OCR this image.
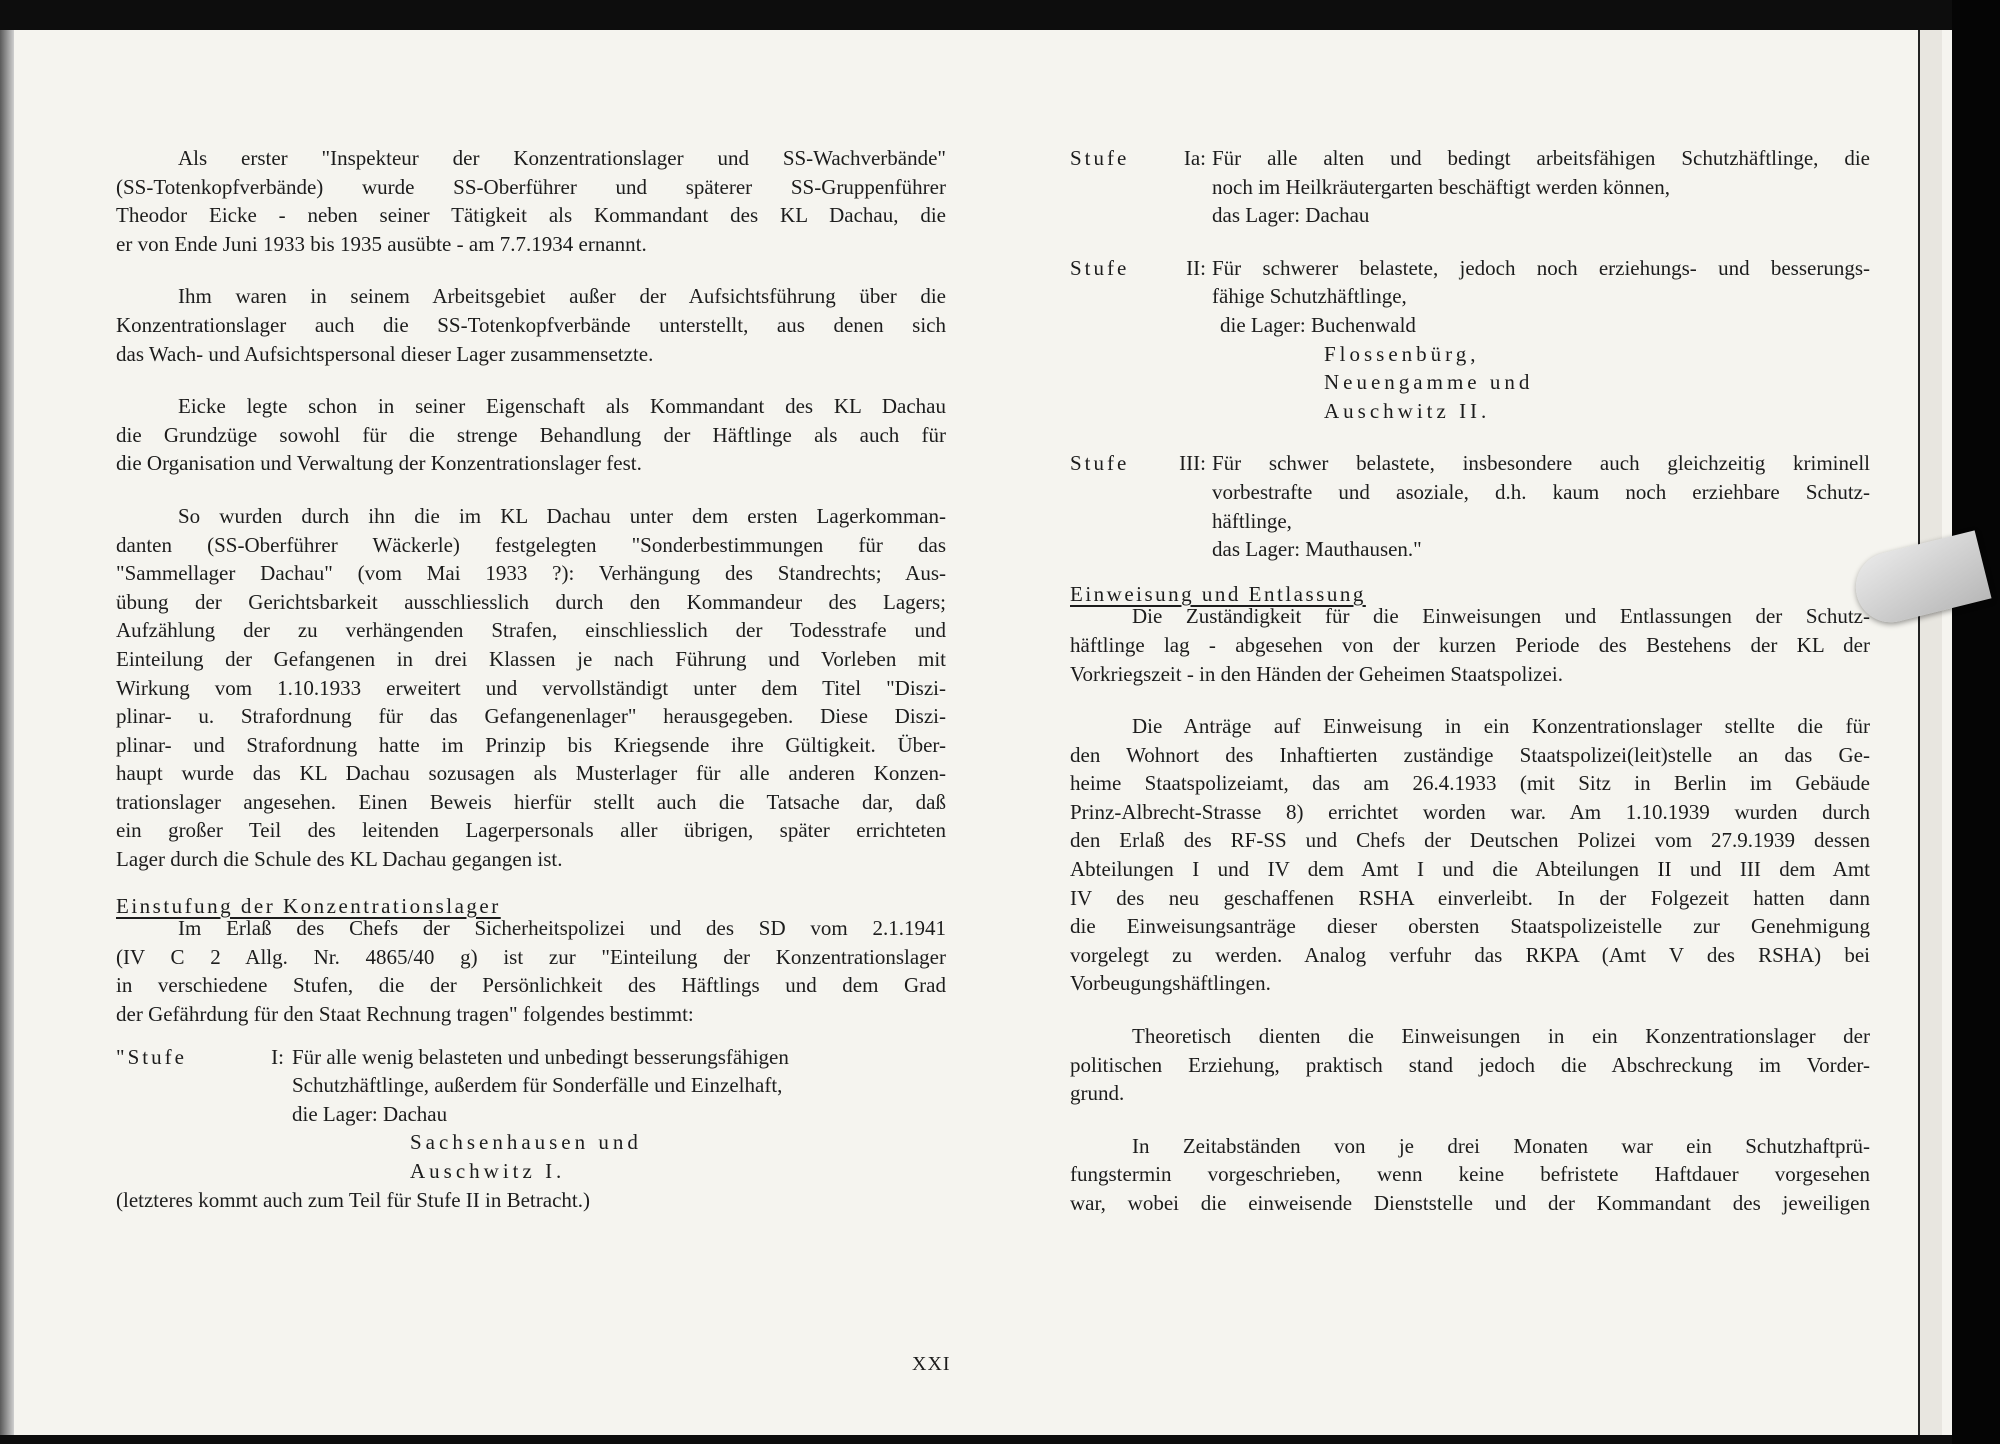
Als erster "Inspekteur der Konzentrationslager und SS-Wachverbände"
(SS-Totenkopfverbände) wurde SS-Oberführer und späterer SS-Gruppenführer
Theodor Eicke - neben seiner Tätigkeit als Kommandant des KL Dachau, die
er von Ende Juni 1933 bis 1935 ausübte - am 7.7.1934 ernannt.
Ihm waren in seinem Arbeitsgebiet außer der Aufsichtsführung über die
Konzentrationslager auch die SS-Totenkopfverbände unterstellt, aus denen sich
das Wach- und Aufsichtspersonal dieser Lager zusammensetzte.
Eicke legte schon in seiner Eigenschaft als Kommandant des KL Dachau
die Grundzüge sowohl für die strenge Behandlung der Häftlinge als auch für
die Organisation und Verwaltung der Konzentrationslager fest.
So wurden durch ihn die im KL Dachau unter dem ersten Lagerkomman-
danten (SS-Oberführer Wäckerle) festgelegten "Sonderbestimmungen für das
"Sammellager Dachau" (vom Mai 1933 ?): Verhängung des Standrechts; Aus-
übung der Gerichtsbarkeit ausschliesslich durch den Kommandeur des Lagers;
Aufzählung der zu verhängenden Strafen, einschliesslich der Todesstrafe und
Einteilung der Gefangenen in drei Klassen je nach Führung und Vorleben mit
Wirkung vom 1.10.1933 erweitert und vervollständigt unter dem Titel "Diszi-
plinar- u. Strafordnung für das Gefangenenlager" herausgegeben. Diese Diszi-
plinar- und Strafordnung hatte im Prinzip bis Kriegsende ihre Gültigkeit. Über-
haupt wurde das KL Dachau sozusagen als Musterlager für alle anderen Konzen-
trationslager angesehen. Einen Beweis hierfür stellt auch die Tatsache dar, daß
ein großer Teil des leitenden Lagerpersonals aller übrigen, später errichteten
Lager durch die Schule des KL Dachau gegangen ist.
Einstufung der Konzentrationslager
Im Erlaß des Chefs der Sicherheitspolizei und des SD vom 2.1.1941
(IV C 2 Allg. Nr. 4865/40 g) ist zur "Einteilung der Konzentrationslager
in verschiedene Stufen, die der Persönlichkeit des Häftlings und dem Grad
der Gefährdung für den Staat Rechnung tragen" folgendes bestimmt:
"Stufe	I: Für alle wenig belasteten und unbedingt besserungsfähigen
Schutzhäftlinge, außerdem für Sonderfälle und Einzelhaft,
die Lager: Dachau
Sachsenhausen und
Auschwitz I.
(letzteres kommt auch zum Teil für Stufe II in Betracht.)
Stufe	Ia: Für alle alten und bedingt arbeitsfähigen Schutzhäftlinge, die
noch im Heilkräutergarten beschäftigt werden können,
das Lager: Dachau
Stufe	II: Für schwerer belastete, jedoch noch erziehungs- und besserungs-
fähige Schutzhäftlinge,
die Lager: Buchenwald
Flossenbürg,
Neuengamme und
Auschwitz II.
Stufe	III: Für schwer belastete, insbesondere auch gleichzeitig kriminell
vorbestrafte und asoziale, d.h. kaum noch erziehbare Schutz-
häftlinge,
das Lager: Mauthausen."
Einweisung und Entlassung
Die Zuständigkeit für die Einweisungen und Entlassungen der Schutz-
häftlinge lag - abgesehen von der kurzen Periode des Bestehens der KL der
Vorkriegszeit - in den Händen der Geheimen Staatspolizei.
Die Anträge auf Einweisung in ein Konzentrationslager stellte die für
den Wohnort des Inhaftierten zuständige Staatspolizei(leit)stelle an das Ge-
heime Staatspolizeiamt, das am 26.4.1933 (mit Sitz in Berlin im Gebäude
Prinz-Albrecht-Strasse 8) errichtet worden war. Am 1.10.1939 wurden durch
den Erlaß des RF-SS und Chefs der Deutschen Polizei vom 27.9.1939 dessen
Abteilungen I und IV dem Amt I und die Abteilungen II und III dem Amt
IV des neu geschaffenen RSHA einverleibt. In der Folgezeit hatten dann
die Einweisungsanträge dieser obersten Staatspolizeistelle zur Genehmigung
vorgelegt zu werden. Analog verfuhr das RKPA (Amt V des RSHA) bei
Vorbeugungshäftlingen.
Theoretisch dienten die Einweisungen in ein Konzentrationslager der
politischen Erziehung, praktisch stand jedoch die Abschreckung im Vorder-
grund.
In Zeitabständen von je drei Monaten war ein Schutzhaftprü-
fungstermin vorgeschrieben, wenn keine befristete Haftdauer vorgesehen
war, wobei die einweisende Dienststelle und der Kommandant des jeweiligen
XXI
